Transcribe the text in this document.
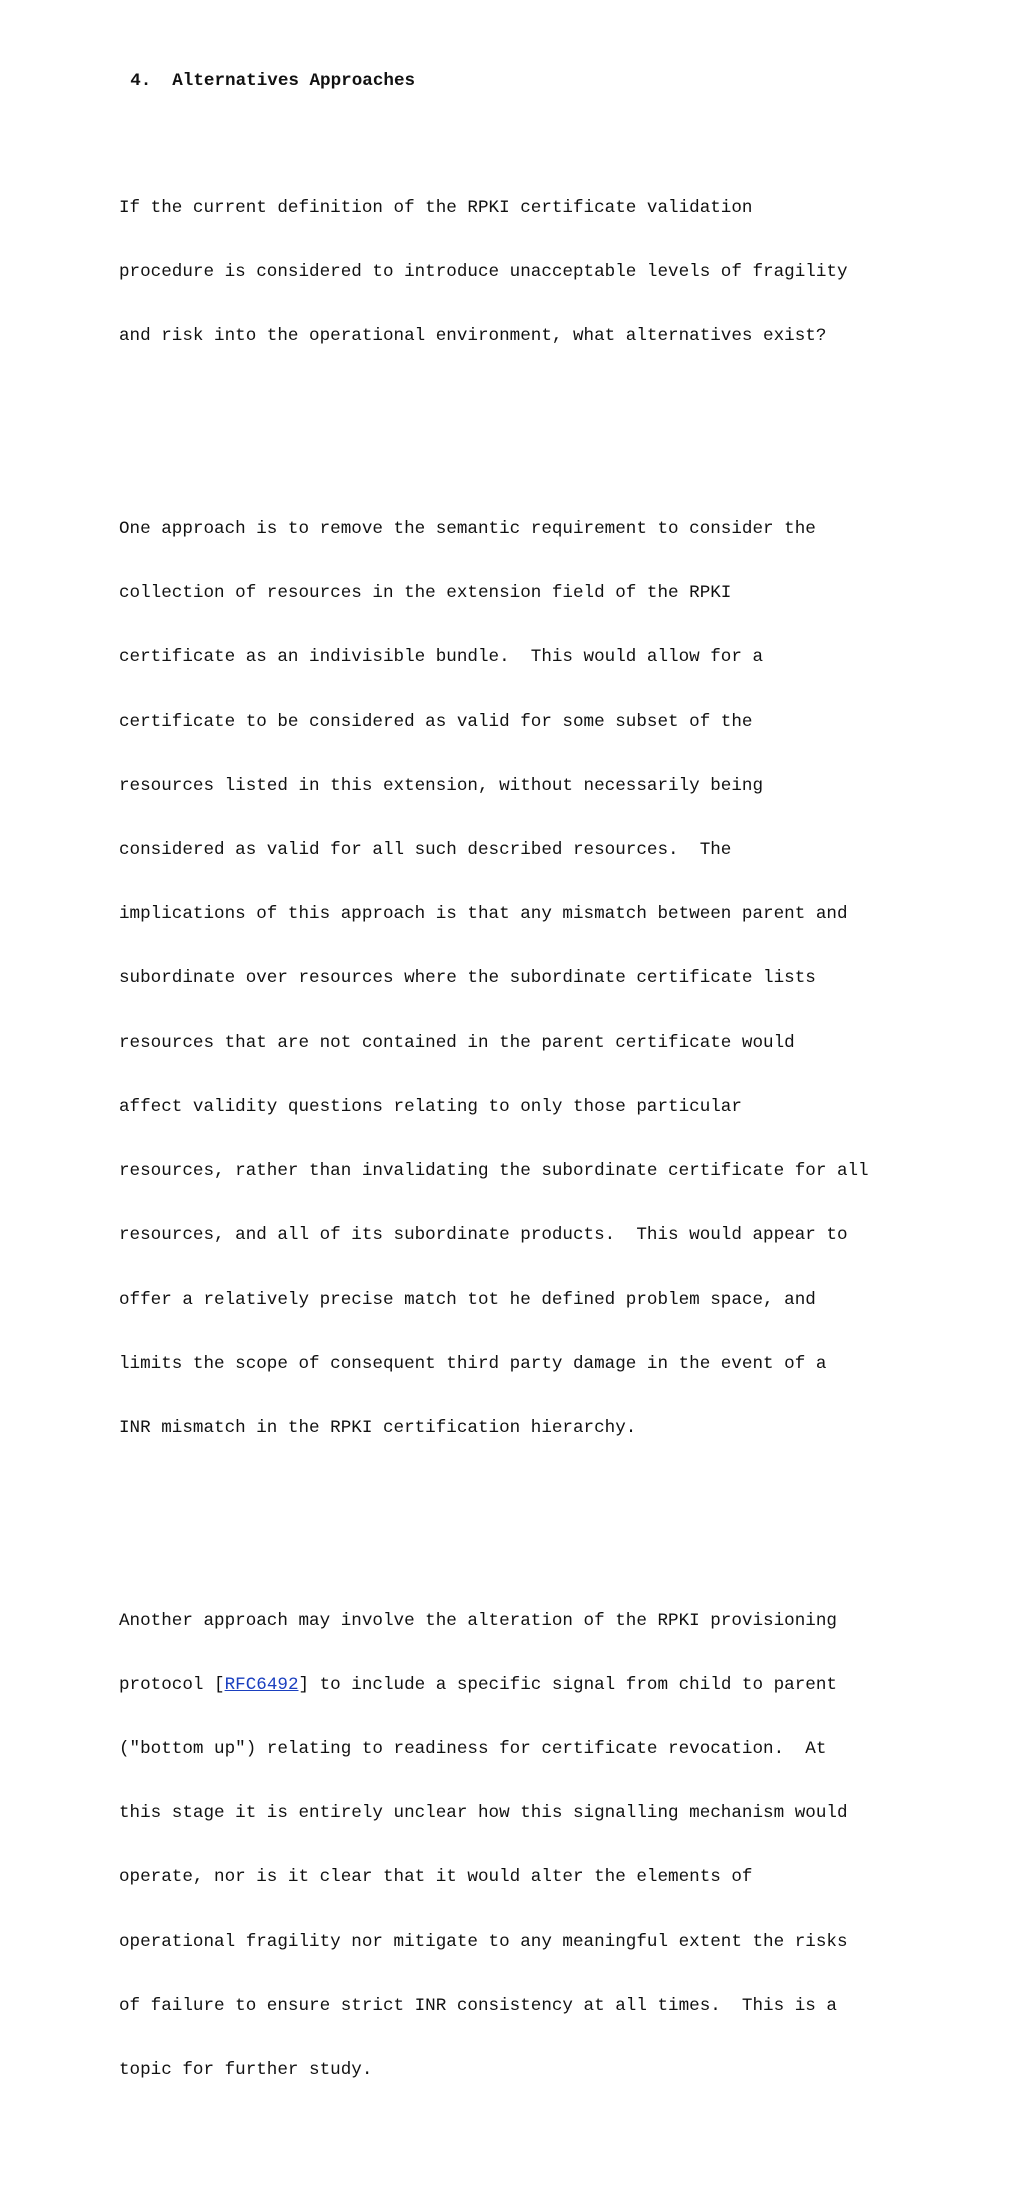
4. Alternatives Approaches

If the current definition of the RPKI certificate validation

procedure is considered to introduce unacceptable levels of fragility

and risk into the operational environment, what alternatives exist?

One approach is to remove the semantic requirement to consider the

collection of resources in the extension field of the RPKI

certificate as an indivisible bundle.  This would allow for a

certificate to be considered as valid for some subset of the

resources listed in this extension, without necessarily being

considered as valid for all such described resources.  The

implications of this approach is that any mismatch between parent and

subordinate over resources where the subordinate certificate lists

resources that are not contained in the parent certificate would

affect validity questions relating to only those particular

resources, rather than invalidating the subordinate certificate for all

resources, and all of its subordinate products.  This would appear to

offer a relatively precise match tot he defined problem space, and

limits the scope of consequent third party damage in the event of a

INR mismatch in the RPKI certification hierarchy.

Another approach may involve the alteration of the RPKI provisioning

protocol [RFC6492] to include a specific signal from child to parent

("bottom up") relating to readiness for certificate revocation.  At

this stage it is entirely unclear how this signalling mechanism would

operate, nor is it clear that it would alter the elements of

operational fragility nor mitigate to any meaningful extent the risks

of failure to ensure strict INR consistency at all times.  This is a

topic for further study.
